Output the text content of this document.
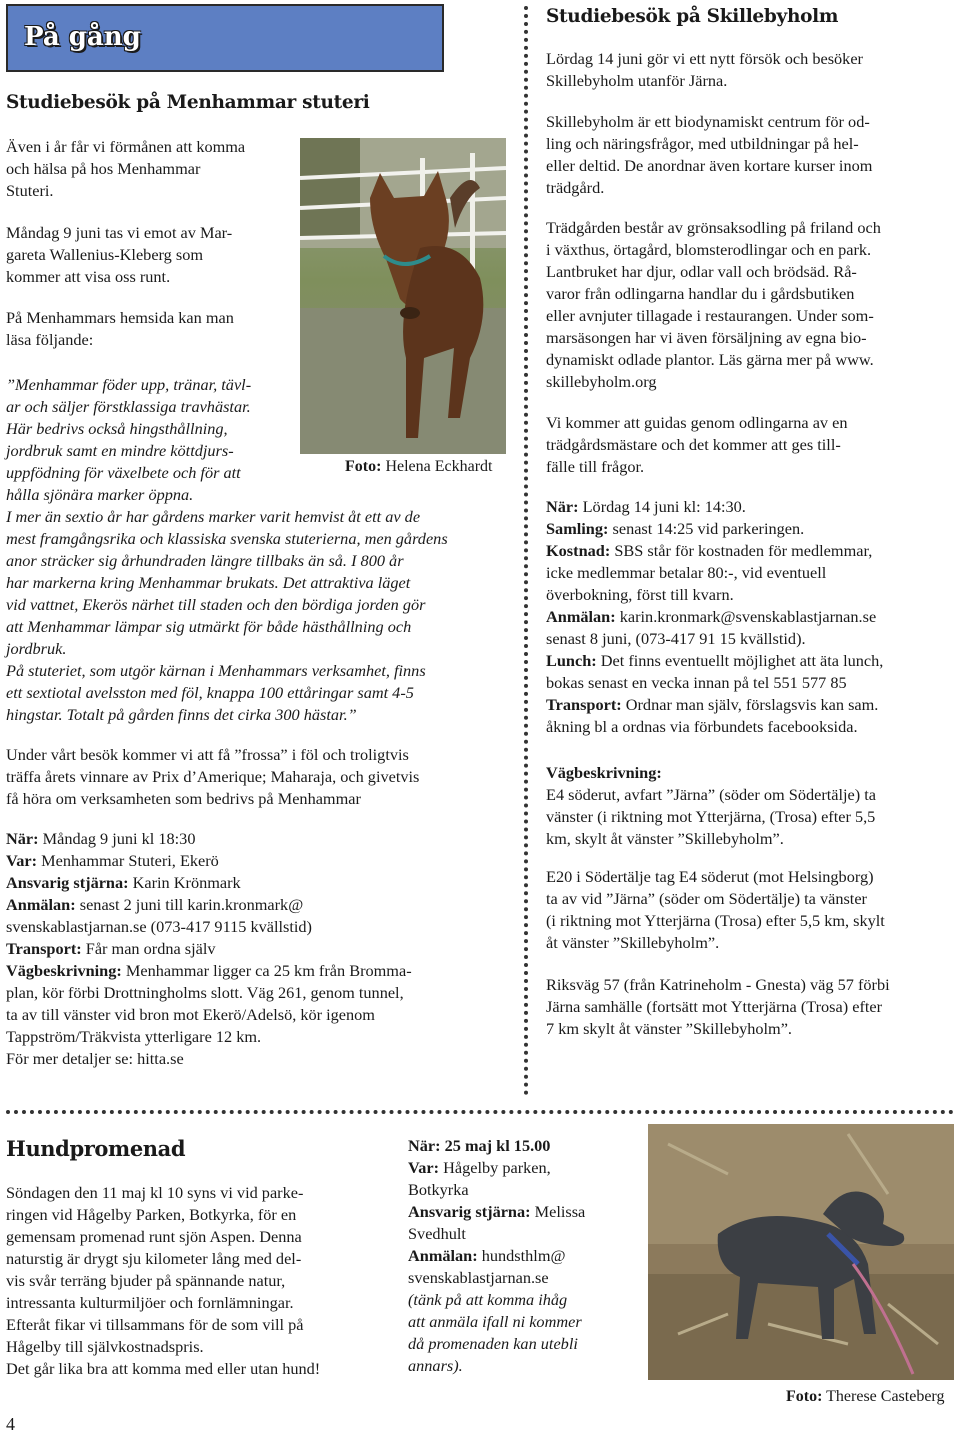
På gång
Studiebesök på Menhammar stuteri

Även i år får vi förmånen att komma

och hälsa på hos Menhammar

Stuteri.

Måndag 9 juni tas vi emot av Mar-

gareta Wallenius-Kleberg som

kommer att visa oss runt.

På Menhammars hemsida kan man

läsa följande:

”Menhammar föder upp, tränar, tävl-

ar och säljer förstklassiga travhästar.

Här bedrivs också hingsthållning,

jordbruk samt en mindre köttdjurs-

uppfödning för växelbete och för att

hålla sjönära marker öppna.

Foto: Helena Eckhardt

I mer än sextio år har gårdens marker varit hemvist åt ett av de

mest framgångsrika och klassiska svenska stuterierna, men gårdens

anor sträcker sig århundraden längre tillbaks än så. I 800 år

har markerna kring Menhammar brukats. Det attraktiva läget

vid vattnet, Ekerös närhet till staden och den bördiga jorden gör

att Menhammar lämpar sig utmärkt för både hästhållning och

jordbruk.

På stuteriet, som utgör kärnan i Menhammars verksamhet, finns

ett sextiotal avelsston med föl, knappa 100 ettåringar samt 4-5

hingstar. Totalt på gården finns det cirka 300 hästar.”

Under vårt besök kommer vi att få ”frossa” i föl och troligtvis

träffa årets vinnare av Prix d’Amerique; Maharaja, och givetvis

få höra om verksamheten som bedrivs på Menhammar

När: Måndag 9 juni kl 18:30

Var: Menhammar Stuteri, Ekerö

Ansvarig stjärna: Karin Krönmark

Anmälan: senast 2 juni till karin.kronmark@

svenskablastjarnan.se (073-417 9115 kvällstid)

Transport: Får man ordna själv

Vägbeskrivning: Menhammar ligger ca 25 km från Bromma-

plan, kör förbi Drottningholms slott. Väg 261, genom tunnel,

ta av till vänster vid bron mot Ekerö/Adelsö, kör igenom

Tappström/Träkvista ytterligare 12 km.

För mer detaljer se: hitta.se

Studiebesök på Skillebyholm

Lördag 14 juni gör vi ett nytt försök och besöker

Skillebyholm utanför Järna.

Skillebyholm är ett biodynamiskt centrum för od-

ling och näringsfrågor, med utbildningar på hel-

eller deltid. De anordnar även kortare kurser inom

trädgård.

Trädgården består av grönsaksodling på friland och

i växthus, örtagård, blomsterodlingar och en park.

Lantbruket har djur, odlar vall och brödsäd. Rå-

varor från odlingarna handlar du i gårdsbutiken

eller avnjuter tillagade i restaurangen. Under som-

marsäsongen har vi även försäljning av egna bio-

dynamiskt odlade plantor. Läs gärna mer på www.

skillebyholm.org

Vi kommer att guidas genom odlingarna av en

trädgårdsmästare och det kommer att ges till-

fälle till frågor.

När: Lördag 14 juni kl: 14:30.

Samling: senast 14:25 vid parkeringen.

Kostnad: SBS står för kostnaden för medlemmar,

icke medlemmar betalar 80:-, vid eventuell

överbokning, först till kvarn.

Anmälan: karin.kronmark@svenskablastjarnan.se

senast 8 juni, (073-417 91 15 kvällstid).

Lunch: Det finns eventuellt möjlighet att äta lunch,

bokas senast en vecka innan på tel 551 577 85

Transport: Ordnar man själv, förslagsvis kan sam.

åkning bl a ordnas via förbundets facebooksida.

Vägbeskrivning:

E4 söderut, avfart ”Järna” (söder om Södertälje) ta

vänster (i riktning mot Ytterjärna, (Trosa) efter 5,5

km, skylt åt vänster ”Skillebyholm”.

E20 i Södertälje tag E4 söderut (mot Helsingborg)

ta av vid ”Järna” (söder om Södertälje) ta vänster

(i riktning mot Ytterjärna (Trosa) efter 5,5 km, skylt

åt vänster ”Skillebyholm”.

Riksväg 57 (från Katrineholm - Gnesta) väg 57 förbi

Järna samhälle (fortsätt mot Ytterjärna (Trosa) efter

7 km skylt åt vänster ”Skillebyholm”.

Hundpromenad

Söndagen den 11 maj kl 10 syns vi vid parke-

ringen vid Hågelby Parken, Botkyrka, för en

gemensam promenad runt sjön Aspen. Denna

naturstig är drygt sju kilometer lång med del-

vis svår terräng bjuder på spännande natur,

intressanta kulturmiljöer och fornlämningar.

Efteråt fikar vi tillsammans för de som vill på

Hågelby till självkostnadspris.

Det går lika bra att komma med eller utan hund!

När: 25 maj kl 15.00

Var: Hågelby parken,

Botkyrka

Ansvarig stjärna: Melissa

Svedhult

Anmälan: hundsthlm@

svenskablastjarnan.se

(tänk på att komma ihåg

att anmäla ifall ni kommer

då promenaden kan utebli

annars).

Foto: Therese Casteberg
4
